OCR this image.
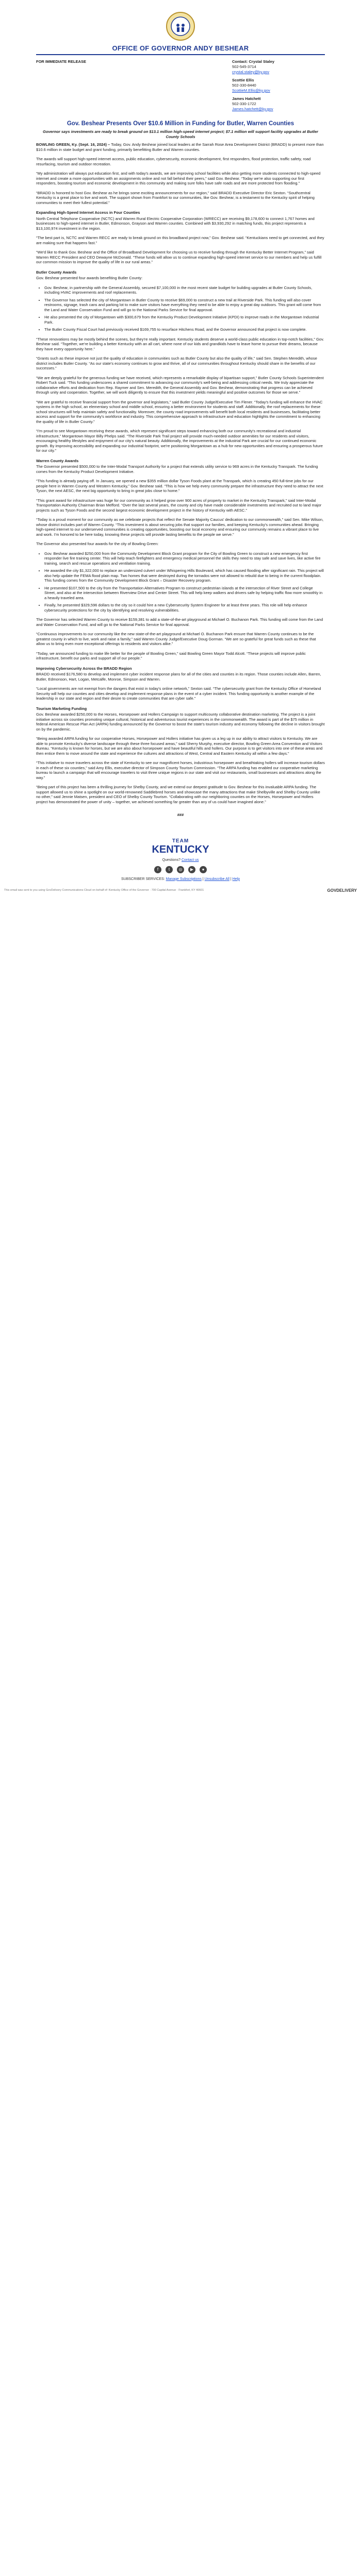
OFFICE OF GOVERNOR ANDY BESHEAR
FOR IMMEDIATE RELEASE	Contact: Crystal Staley
502-545-3714
crystal.staley@ky.gov
Scottie Ellis
502-330-8440
ScottieM.Ellis@ky.gov
James Hatchett
502-330-1722
James.hatchett@ky.gov
Gov. Beshear Presents Over $10.6 Million in Funding for Butler, Warren Counties
Governor says investments are ready to break ground on $13.1 million high-speed internet project; $7.1 million will support facility upgrades at Butler County Schools

BOWLING GREEN, Ky. (Sept. 16, 2024) – Today, Gov. Andy Beshear joined local leaders at the Sarrah Rose Area Development District (BRADD) to present more than $10.6 million in state budget and grant funding, primarily benefitting Butler and Warren counties.

The awards will support high-speed internet access, public education, cybersecurity, economic development, first responders, flood protection, traffic safety, road resurfacing, tourism and outdoor recreation.

“My administration will always put education first, and with today's awards, we are improving school facilities while also getting more students connected to high-speed internet and create a more opportunities with an assignments online and not fall behind their peers,” said Gov. Beshear. “Today we're also supporting our first responders, boosting tourism and economic development in this community and making sure folks have safe roads and are more protected from flooding.”

“BRADD is honored to host Gov. Beshear as he brings some exciting announcements for our region,” said BRADD Executive Director Eric Sexton. “Southcentral Kentucky is a great place to live and work. The support shown from Frankfort to our communities, like Gov. Beshear, is a testament to the Kentucky spirit of helping communities to meet their fullest potential.”

Expanding High-Speed Internet Access in Four Counties

North Central Telephone Cooperative (NCTC) and Warren Rural Electric Cooperative Corporation (WRECC) are receiving $9,178,600 to connect 1,767 homes and businesses to high-speed internet in Butler, Edmonson, Grayson and Warren counties. Combined with $3,930,292 in matching funds, this project represents a $13,100,974 investment in the region.

“The best part is, NCTC and Warren RECC are ready to break ground on this broadband project now,” Gov. Beshear said. “Kentuckians need to get connected, and they are making sure that happens fast.”

“We'd like to thank Gov. Beshear and the Office of Broadband Development for choosing us to receive funding through the Kentucky Better Internet Program,” said Warren RECC President and CEO Dewayne McDonald. “These funds will allow us to continue expanding high-speed internet service to our members and help us fulfill our common mission to improve the quality of life in our rural areas.”

Butler County Awards

Gov. Beshear presented four awards benefiting Butler County:

• Gov. Beshear, in partnership with the General Assembly, secured $7,100,000 in the most recent state budget for building upgrades at Butler County Schools, including HVAC improvements and roof replacements.
• The Governor has selected the city of Morgantown in Butler County to receive $69,000 to construct a new trail at Riverside Park. This funding will also cover restrooms, signage, trash cans and parking lot to make sure visitors have everything they need to be able to enjoy a great day outdoors. This grant will come from the Land and Water Conservation Fund and will go to the National Parks Service for final approval.
• He also presented the city of Morgantown with $300,679 from the Kentucky Product Development Initiative (KPDI) to improve roads in the Morgantown Industrial Park.
• The Butler County Fiscal Court had previously received $169,755 to resurface Hitchens Road, and the Governor announced that project is now complete.

“These renovations may be mostly behind the scenes, but they're really important. Kentucky students deserve a world-class public education in top-notch facilities,” Gov. Beshear said. “Together, we're building a better Kentucky with an all cart, where none of our kids and grandkids have to leave home to pursue their dreams, because they have every opportunity here.”

“Grants such as these improve not just the quality of education in communities such as Butler County but also the quality of life,” said Sen. Stephen Meredith, whose district includes Butler County. “As our state's economy continues to grow and thrive, all of our communities throughout Kentucky should share in the benefits of our successes.”

“We are deeply grateful for the generous funding we have received, which represents a remarkable display of bipartisan support,” Butler County Schools Superintendent Robert Tuck said. “This funding underscores a shared commitment to advancing our community's well-being and addressing critical needs. We truly appreciate the collaborative efforts and dedication from Rep. Raymer and Sen. Meredith, the General Assembly and Gov. Beshear, demonstrating that progress can be achieved through unity and cooperation. Together, we will work diligently to ensure that this investment yields meaningful and positive outcomes for those we serve.”

“We are grateful to receive financial support from the governor and legislators,” said Butler County Judge/Executive Tim Flener. “Today's funding will enhance the HVAC systems in the high school, an elementary school and middle school, ensuring a better environment for students and staff. Additionally, the roof replacements for these school structures will help maintain safety and functionality. Moreover, the county road improvements will benefit both local residents and businesses, facilitating better access and support for the community's workforce and industry. This comprehensive approach to infrastructure and education highlights the commitment to enhancing the quality of life in Butler County.”

“I'm proud to see Morgantown receiving these awards, which represent significant steps toward enhancing both our community's recreational and industrial infrastructure,” Morgantown Mayor Billy Phelps said. “The Riverside Park Trail project will provide much-needed outdoor amenities for our residents and visitors, encouraging healthy lifestyles and enjoyment of our city's natural beauty. Additionally, the improvements at the industrial Park are crucial for our continued economic growth. By improving accessibility and expanding our industrial footprint, we're positioning Morgantown as a hub for new opportunities and ensuring a prosperous future for our city.”

Warren County Awards

The Governor presented $500,000 to the Inter-Modal Transport Authority for a project that extends utility service to 969 acres in the Kentucky Transpark. The funding comes from the Kentucky Product Development Initiative.

“This funding is already paying off. In January, we opened a new $355 million dollar Tyson Foods plant at the Transpark, which is creating 450 full-time jobs for our people here in Warren County and Western Kentucky,” Gov. Beshear said. “This is how we help every community prepare the infrastructure they need to attract the next Tyson, the next AESC, the next big opportunity to bring in great jobs close to home.”

“This grant award for infrastructure was huge for our community as it helped grow over 900 acres of property to market in the Kentucky Transpark,” said Inter-Modal Transportation Authority Chairman Brian Mefford. “Over the last several years, the county and city have made considerable investments and recruited out to land major projects such as Tyson Foods and the second largest economic development project in the history of Kentucky with AESC.”

“Today is a proud moment for our community as we celebrate projects that reflect the Senate Majority Caucus' dedication to our commonwealth,” said Sen. Mike Wilson, whose district includes part of Warren County. “This investment is about securing jobs that support our families, and keeping Kentucky's communities ahead. Bringing high-speed internet to our underserved communities is creating opportunities, boosting our local economy and ensuring our community remains a vibrant place to live and work. I'm honored to be here today, knowing these projects will provide lasting benefits to the people we serve.”

The Governor also presented four awards for the city of Bowling Green:

• Gov. Beshear awarded $250,000 from the Community Development Block Grant program for the City of Bowling Green to construct a new emergency first responder live fire training center. This will help teach firefighters and emergency medical personnel the skills they need to stay safe and save lives, like active fire training, search and rescue operations and ventilation training.
• He awarded the city $1,322,000 to replace an undersized culvert under Whispering Hills Boulevard, which has caused flooding after significant rain. This project will also help update the FEMA flood plain map. Two homes that were destroyed during the tornados were not allowed to rebuild due to being in the current floodplain. This funding comes from the Community Development Block Grant – Disaster Recovery program.
• He presented $107,500 to the city from the Transportation Alternatives Program to construct pedestrian islands at the intersection of River Street and College Street, and also at the intersection between Riverview Drive and Center Street. This will help keep walkers and drivers safe by helping traffic flow more smoothly in a heavily traveled area.
• Finally, he presented $329,596 dollars to the city so it could hire a new Cybersecurity System Engineer for at least three years. This role will help enhance cybersecurity protections for the city by identifying and resolving vulnerabilities.

The Governor has selected Warren County to receive $159,381 to add a state-of-the-art playground at Michael O. Buchanon Park. This funding will come from the Land and Water Conservation Fund, and will go to the National Parks Service for final approval.

“Continuous improvements to our community like the new state-of-the-art playground at Michael O. Buchanon Park ensure that Warren County continues to be the greatest county in which to live, work and raise a family,” said Warren County Judge/Executive Doug Gorman. “We are so grateful for great funds such as these that allow us to bring even more exceptional offerings to residents and visitors alike.”

“Today, we announced funding to make life better for the people of Bowling Green,” said Bowling Green Mayor Todd Alcott. “These projects will improve public infrastructure, benefit our parks and support all of our people.”

Improving Cybersecurity Across the BRADD Region

BRADD received $176,580 to develop and implement cyber incident response plans for all of the cities and counties in its region. Those counties include Allen, Barren, Butler, Edmonson, Hart, Logan, Metcalfe, Monroe, Simpson and Warren.

“Local governments are not exempt from the dangers that exist in today's online network,” Sexton said. “The cybersecurity grant from the Kentucky Office of Homeland Security will help our counties and cities develop and implement response plans in the event of a cyber incident. This funding opportunity is another example of the leadership in our state and region and their desire to create communities that are cyber safe.”

Tourism Marketing Funding

Gov. Beshear awarded $250,000 to the Horses, Horsepower and Hollers Campaign to support multicounty collaborative destination marketing. The project is a joint initiative across six counties promoting unique cultural, historical and adventurous tourist experiences in the commonwealth. The award is part of the $75 million in federal American Rescue Plan Act (ARPA) funding announced by the Governor to boost the state's tourism industry and economy following the decline in visitors brought on by the pandemic.

“Being awarded ARPA funding for our cooperative Horses, Horsepower and Hollers initiative has given us a leg up in our ability to attract visitors to Kentucky. We are able to promote Kentucky's diverse landscape through these three focused areas,” said Sherry Murphy, executive director, Bowling Green Area Convention and Visitors Bureau. “Kentucky is known for horses, but we are also about horsepower and have beautiful hills and hollers. Our purpose is to get visitors into one of these areas and then entice them to move around the state and experience the cultures and attractions of West, Central and Eastern Kentucky all within a few days.”

“This initiative to move travelers across the state of Kentucky to see our magnificent horses, industrious horsepower and breathtaking hollers will increase tourism dollars in each of these six counties,” said Amy Ellis, executive director of Simpson County Tourism Commission. “The ARPA funding has enabled our cooperative marketing bureau to launch a campaign that will encourage travelers to visit three unique regions in our state and visit our restaurants, small businesses and attractions along the way.”

“Being part of this project has been a thrilling journey for Shelby County, and we extend our deepest gratitude to Gov. Beshear for this invaluable ARPA funding. The support allowed us to shine a spotlight on our world-renowned Saddlebred horses and showcase the many attractions that make Shelbyville and Shelby County unlike no other,” said Jennie Matsen, president and CEO of Shelby County Tourism. “Collaborating with our neighboring counties on the Horses, Horsepower and Hollers project has demonstrated the power of unity – together, we achieved something far greater than any of us could have imagined alone.”

###
TEAM
KENTUCKY
Questions? Contact us
f	t	◎	▶	●
SUBSCRIBER SERVICES: Manage Subscriptions | Unsubscribe All | Help
This email was sent to you using GovDelivery Communications Cloud on behalf of: Kentucky Office of the Governor · 700 Capital Avenue · Frankfort, KY 40601	GOVDELIVERY
